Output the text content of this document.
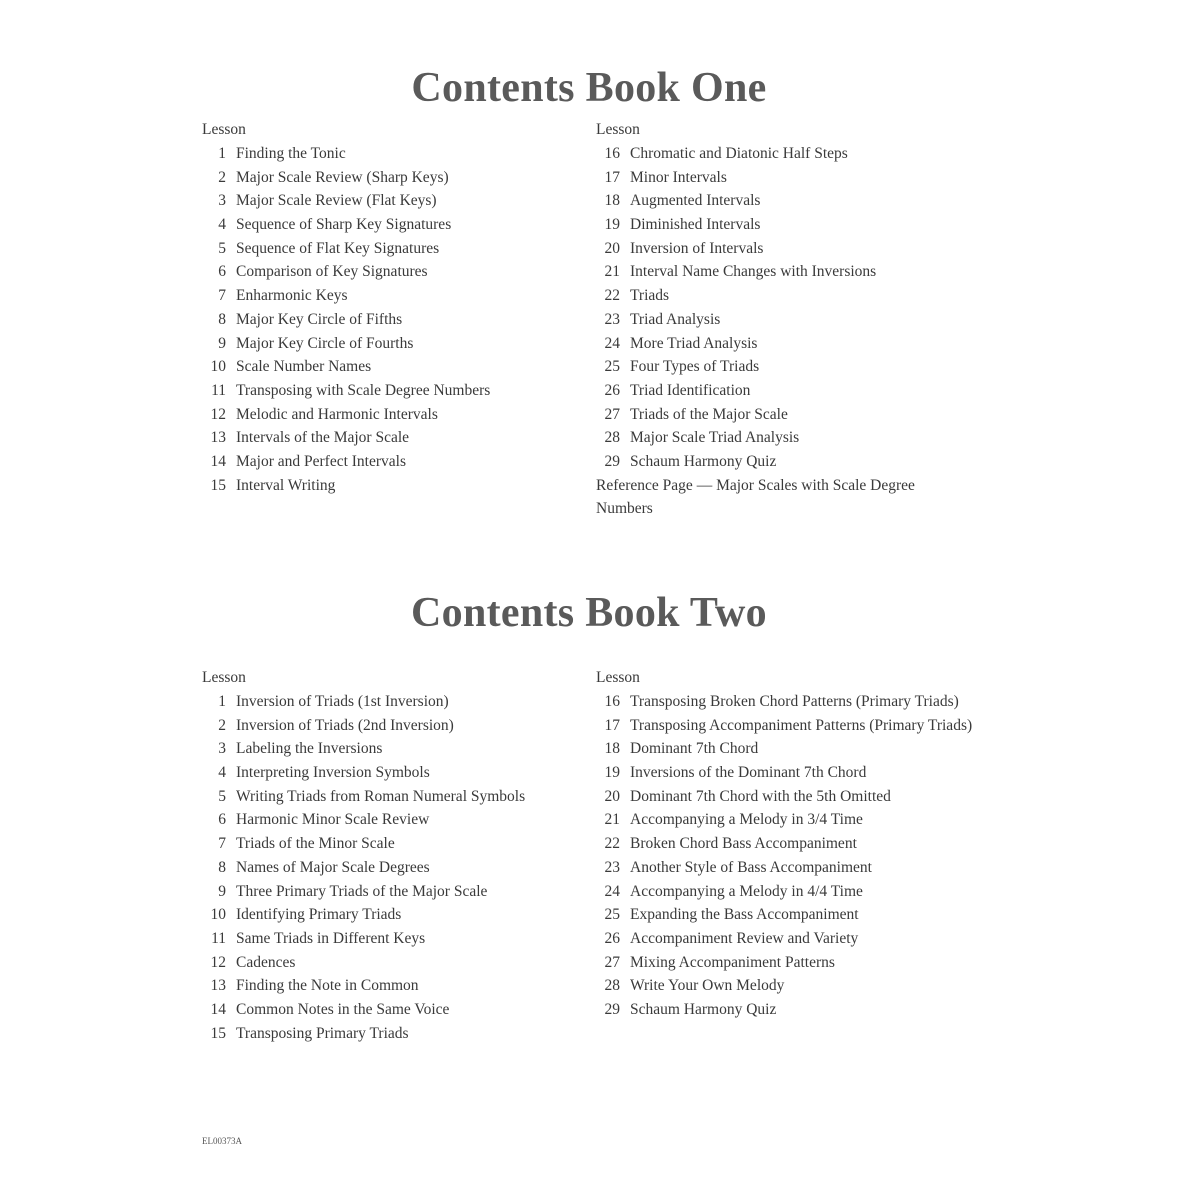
Contents Book One
Lesson
1 Finding the Tonic
2 Major Scale Review (Sharp Keys)
3 Major Scale Review (Flat Keys)
4 Sequence of Sharp Key Signatures
5 Sequence of Flat Key Signatures
6 Comparison of Key Signatures
7 Enharmonic Keys
8 Major Key Circle of Fifths
9 Major Key Circle of Fourths
10 Scale Number Names
11 Transposing with Scale Degree Numbers
12 Melodic and Harmonic Intervals
13 Intervals of the Major Scale
14 Major and Perfect Intervals
15 Interval Writing
Lesson
16 Chromatic and Diatonic Half Steps
17 Minor Intervals
18 Augmented Intervals
19 Diminished Intervals
20 Inversion of Intervals
21 Interval Name Changes with Inversions
22 Triads
23 Triad Analysis
24 More Triad Analysis
25 Four Types of Triads
26 Triad Identification
27 Triads of the Major Scale
28 Major Scale Triad Analysis
29 Schaum Harmony Quiz
Reference Page — Major Scales with Scale Degree Numbers
Contents Book Two
Lesson
1 Inversion of Triads (1st Inversion)
2 Inversion of Triads (2nd Inversion)
3 Labeling the Inversions
4 Interpreting Inversion Symbols
5 Writing Triads from Roman Numeral Symbols
6 Harmonic Minor Scale Review
7 Triads of the Minor Scale
8 Names of Major Scale Degrees
9 Three Primary Triads of the Major Scale
10 Identifying Primary Triads
11 Same Triads in Different Keys
12 Cadences
13 Finding the Note in Common
14 Common Notes in the Same Voice
15 Transposing Primary Triads
Lesson
16 Transposing Broken Chord Patterns (Primary Triads)
17 Transposing Accompaniment Patterns (Primary Triads)
18 Dominant 7th Chord
19 Inversions of the Dominant 7th Chord
20 Dominant 7th Chord with the 5th Omitted
21 Accompanying a Melody in 3/4 Time
22 Broken Chord Bass Accompaniment
23 Another Style of Bass Accompaniment
24 Accompanying a Melody in 4/4 Time
25 Expanding the Bass Accompaniment
26 Accompaniment Review and Variety
27 Mixing Accompaniment Patterns
28 Write Your Own Melody
29 Schaum Harmony Quiz
EL00373A
